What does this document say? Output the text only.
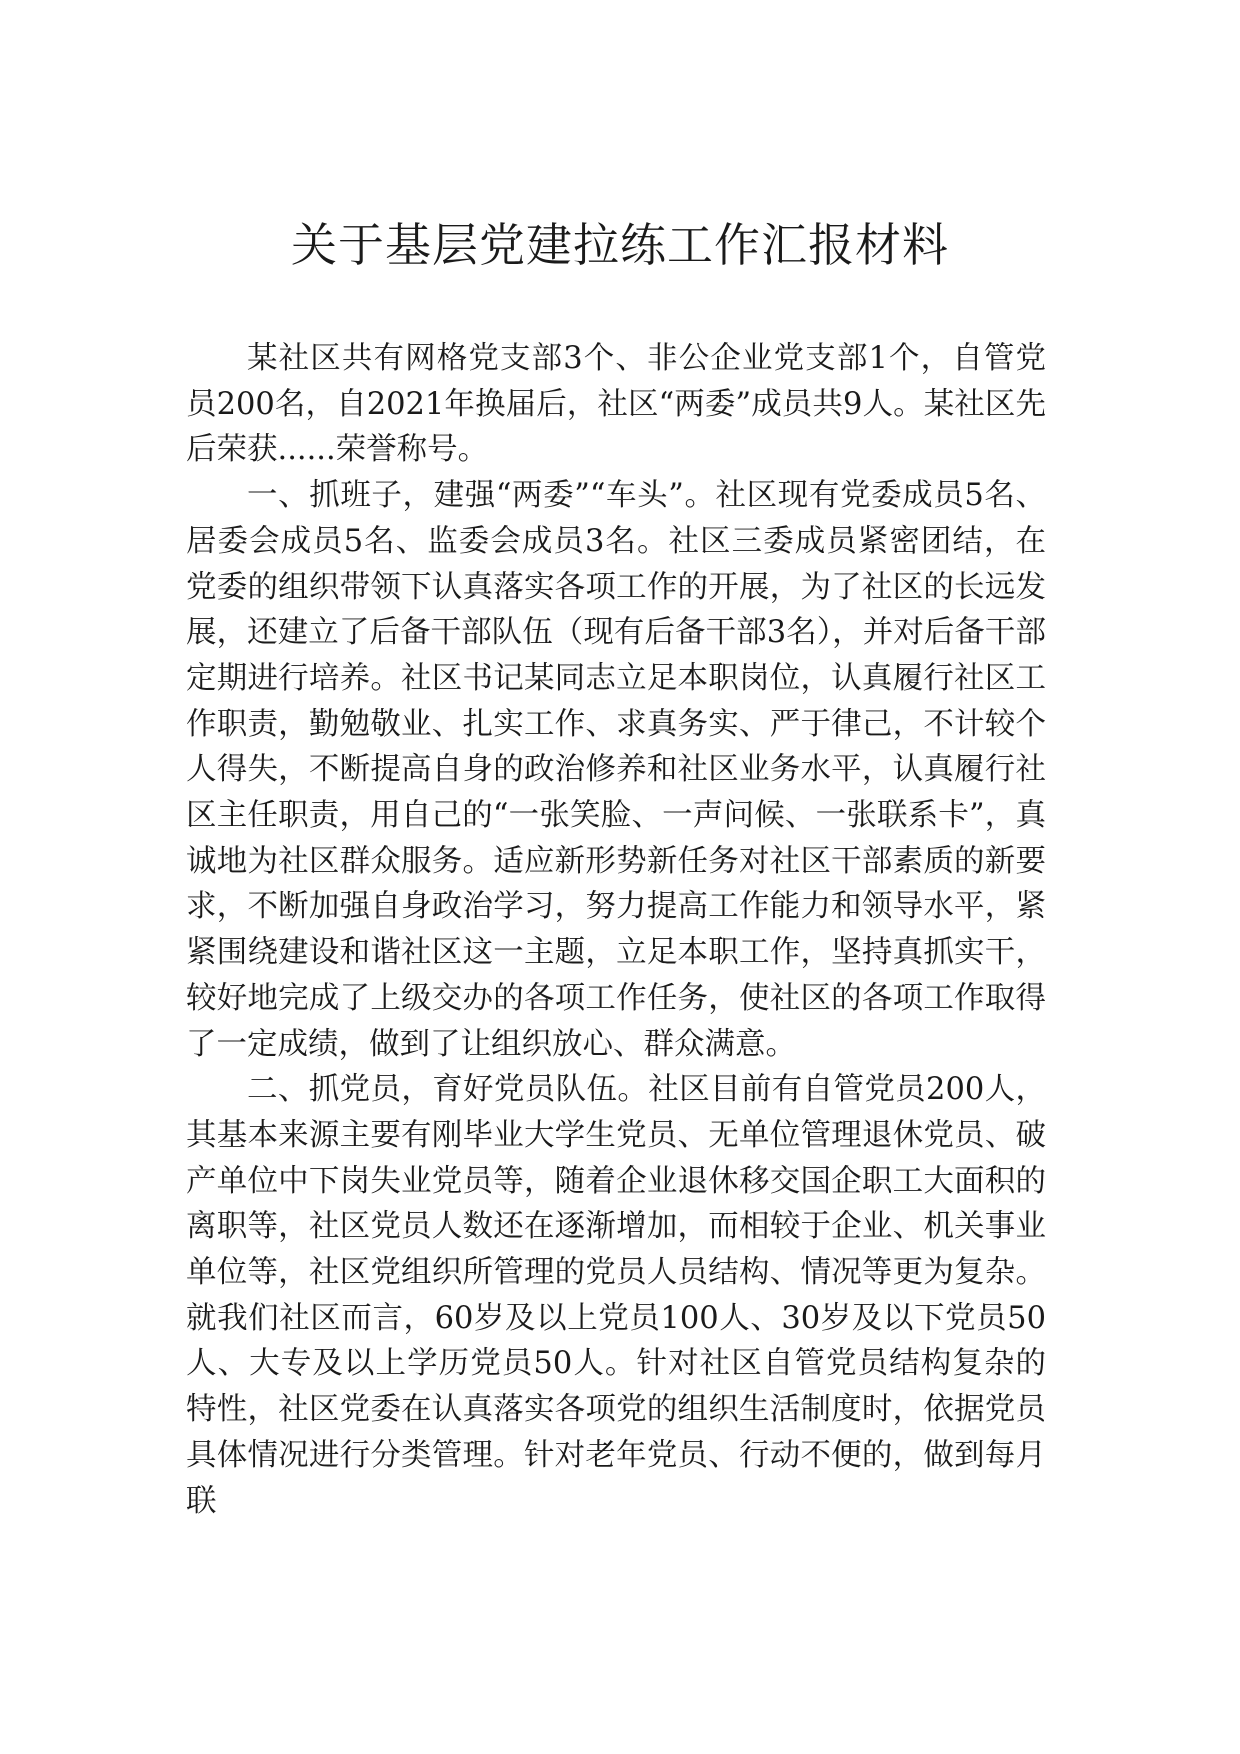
关于基层党建拉练工作汇报材料

某社区共有网格党支部3个、非公企业党支部1个，自管党员200名，自2021年换届后，社区“两委”成员共9人。某社区先后荣获......荣誉称号。

一、抓班子，建强“两委”“车头”。社区现有党委成员5名、居委会成员5名、监委会成员3名。社区三委成员紧密团结，在党委的组织带领下认真落实各项工作的开展，为了社区的长远发展，还建立了后备干部队伍（现有后备干部3名），并对后备干部定期进行培养。社区书记某同志立足本职岗位，认真履行社区工作职责，勤勉敬业、扎实工作、求真务实、严于律己，不计较个人得失，不断提高自身的政治修养和社区业务水平，认真履行社区主任职责，用自己的“一张笑脸、一声问候、一张联系卡”，真诚地为社区群众服务。适应新形势新任务对社区干部素质的新要求，不断加强自身政治学习，努力提高工作能力和领导水平，紧紧围绕建设和谐社区这一主题，立足本职工作，坚持真抓实干，较好地完成了上级交办的各项工作任务，使社区的各项工作取得了一定成绩，做到了让组织放心、群众满意。

二、抓党员，育好党员队伍。社区目前有自管党员200人，其基本来源主要有刚毕业大学生党员、无单位管理退休党员、破产单位中下岗失业党员等，随着企业退休移交国企职工大面积的离职等，社区党员人数还在逐渐增加，而相较于企业、机关事业单位等，社区党组织所管理的党员人员结构、情况等更为复杂。就我们社区而言，60岁及以上党员100人、30岁及以下党员50人、大专及以上学历党员50人。针对社区自管党员结构复杂的特性，社区党委在认真落实各项党的组织生活制度时，依据党员具体情况进行分类管理。针对老年党员、行动不便的，做到每月联
